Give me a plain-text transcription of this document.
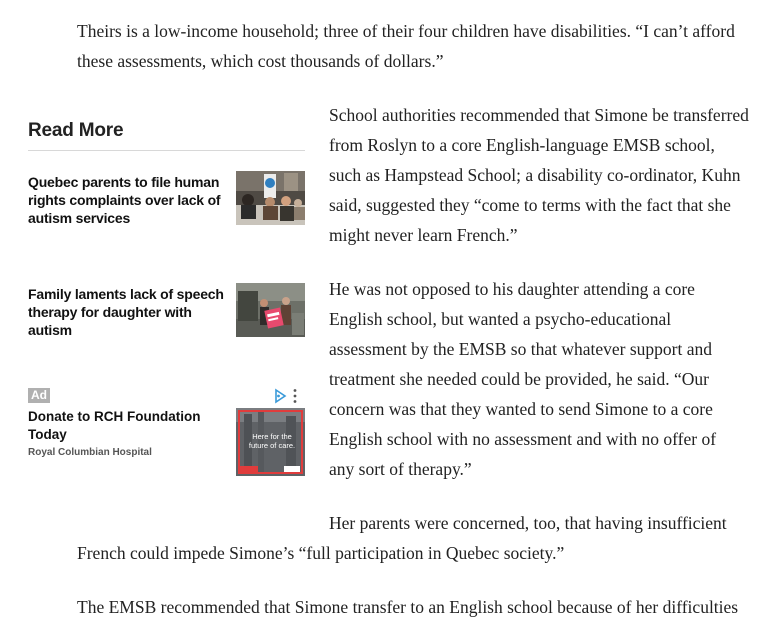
Theirs is a low-income household; three of their four children have disabilities. “I can’t afford these assessments, which cost thousands of dollars.”

Read More
Quebec parents to file human rights complaints over lack of autism services
Family laments lack of speech therapy for daughter with autism
Ad
Donate to RCH Foundation Today
Royal Columbian Hospital
Here for the future of care.

School authorities recommended that Simone be transferred from Roslyn to a core English-language EMSB school, such as Hampstead School; a disability co-ordinator, Kuhn said, suggested they “come to terms with the fact that she might never learn French.”

He was not opposed to his daughter attending a core English school, but wanted a psycho-educational assessment by the EMSB so that whatever support and treatment she needed could be provided, he said. “Our concern was that they wanted to send Simone to a core English school with no assessment and with no offer of any sort of therapy.”

Her parents were concerned, too, that having insufficient French could impede Simone’s “full participation in Quebec society.”

The EMSB recommended that Simone transfer to an English school because of her difficulties
